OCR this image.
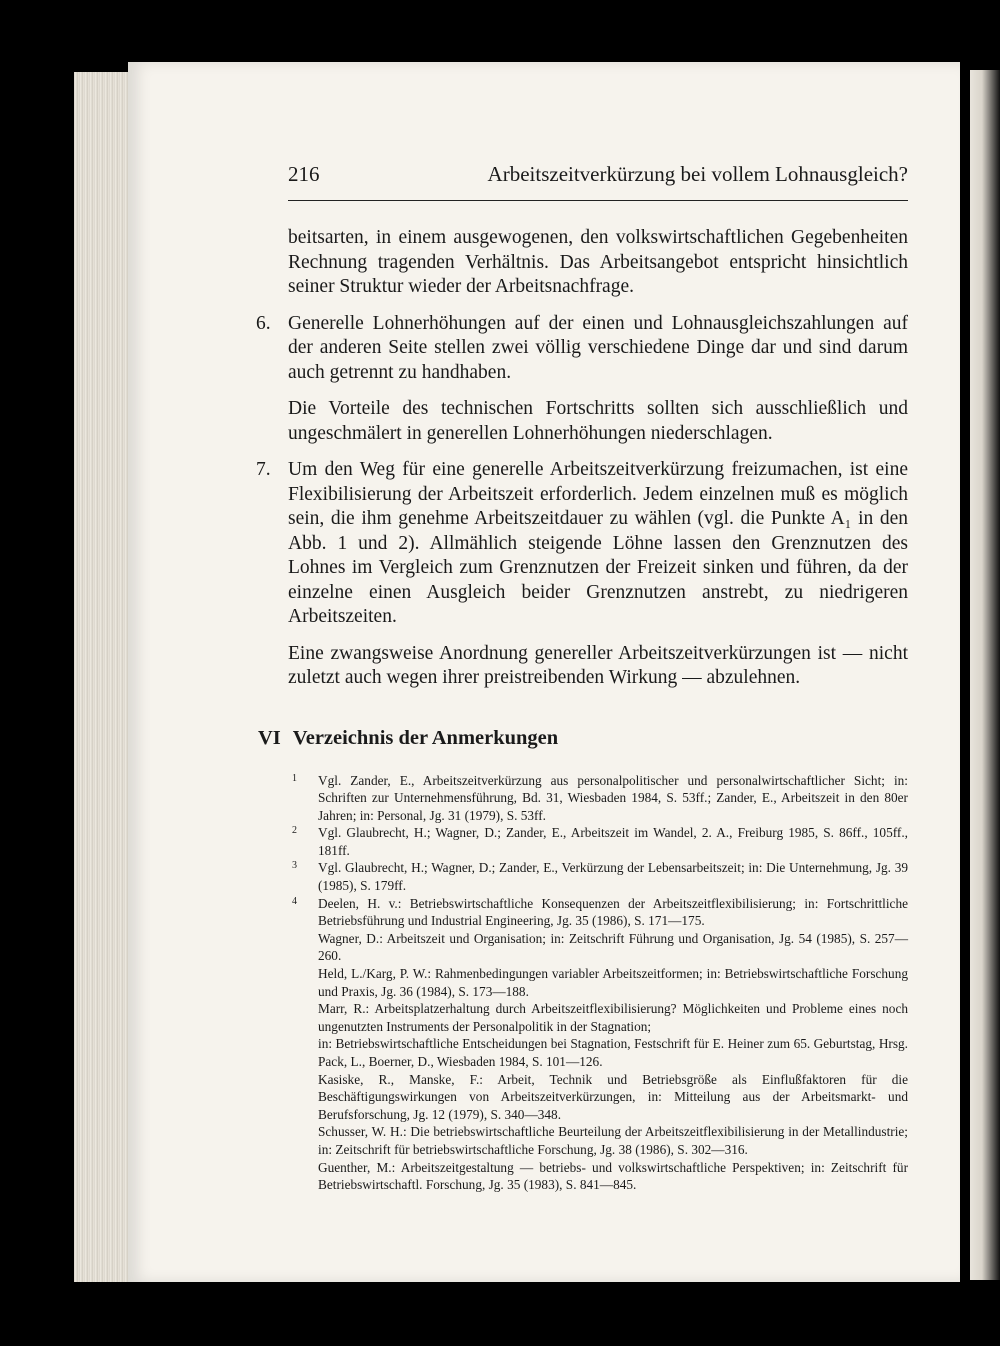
216	Arbeitszeitverkürzung bei vollem Lohnausgleich?

beitsarten, in einem ausgewogenen, den volkswirtschaftlichen Gegebenheiten Rechnung tragenden Verhältnis. Das Arbeitsangebot entspricht hinsichtlich seiner Struktur wieder der Arbeitsnachfrage.

6. Generelle Lohnerhöhungen auf der einen und Lohnausgleichszahlungen auf der anderen Seite stellen zwei völlig verschiedene Dinge dar und sind darum auch getrennt zu handhaben.

Die Vorteile des technischen Fortschritts sollten sich ausschließlich und ungeschmälert in generellen Lohnerhöhungen niederschlagen.

7. Um den Weg für eine generelle Arbeitszeitverkürzung freizumachen, ist eine Flexibilisierung der Arbeitszeit erforderlich. Jedem einzelnen muß es möglich sein, die ihm genehme Arbeitszeitdauer zu wählen (vgl. die Punkte A₁ in den Abb. 1 und 2). Allmählich steigende Löhne lassen den Grenznutzen des Lohnes im Vergleich zum Grenznutzen der Freizeit sinken und führen, da der einzelne einen Ausgleich beider Grenznutzen anstrebt, zu niedrigeren Arbeitszeiten.

Eine zwangsweise Anordnung genereller Arbeitszeitverkürzungen ist — nicht zuletzt auch wegen ihrer preistreibenden Wirkung — abzulehnen.

VI Verzeichnis der Anmerkungen
1 Vgl. Zander, E., Arbeitszeitverkürzung aus personalpolitischer und personalwirtschaftlicher Sicht; in: Schriften zur Unternehmensführung, Bd. 31, Wiesbaden 1984, S. 53ff.; Zander, E., Arbeitszeit in den 80er Jahren; in: Personal, Jg. 31 (1979), S. 53ff.

2 Vgl. Glaubrecht, H.; Wagner, D.; Zander, E., Arbeitszeit im Wandel, 2. A., Freiburg 1985, S. 86ff., 105ff., 181ff.

3 Vgl. Glaubrecht, H.; Wagner, D.; Zander, E., Verkürzung der Lebensarbeitszeit; in: Die Unternehmung, Jg. 39 (1985), S. 179ff.

4 Deelen, H. v.: Betriebswirtschaftliche Konsequenzen der Arbeitszeitflexibilisierung; in: Fortschrittliche Betriebsführung und Industrial Engineering, Jg. 35 (1986), S. 171—175.

Wagner, D.: Arbeitszeit und Organisation; in: Zeitschrift Führung und Organisation, Jg. 54 (1985), S. 257—260.

Held, L./Karg, P. W.: Rahmenbedingungen variabler Arbeitszeitformen; in: Betriebswirtschaftliche Forschung und Praxis, Jg. 36 (1984), S. 173—188.

Marr, R.: Arbeitsplatzerhaltung durch Arbeitszeitflexibilisierung? Möglichkeiten und Probleme eines noch ungenutzten Instruments der Personalpolitik in der Stagnation;

in: Betriebswirtschaftliche Entscheidungen bei Stagnation, Festschrift für E. Heiner zum 65. Geburtstag, Hrsg. Pack, L., Boerner, D., Wiesbaden 1984, S. 101—126.

Kasiske, R., Manske, F.: Arbeit, Technik und Betriebsgröße als Einflußfaktoren für die Beschäftigungswirkungen von Arbeitszeitverkürzungen, in: Mitteilung aus der Arbeitsmarkt- und Berufsforschung, Jg. 12 (1979), S. 340—348.

Schusser, W. H.: Die betriebswirtschaftliche Beurteilung der Arbeitszeitflexibilisierung in der Metallindustrie; in: Zeitschrift für betriebswirtschaftliche Forschung, Jg. 38 (1986), S. 302—316.

Guenther, M.: Arbeitszeitgestaltung — betriebs- und volkswirtschaftliche Perspektiven; in: Zeitschrift für Betriebswirtschaftl. Forschung, Jg. 35 (1983), S. 841—845.
